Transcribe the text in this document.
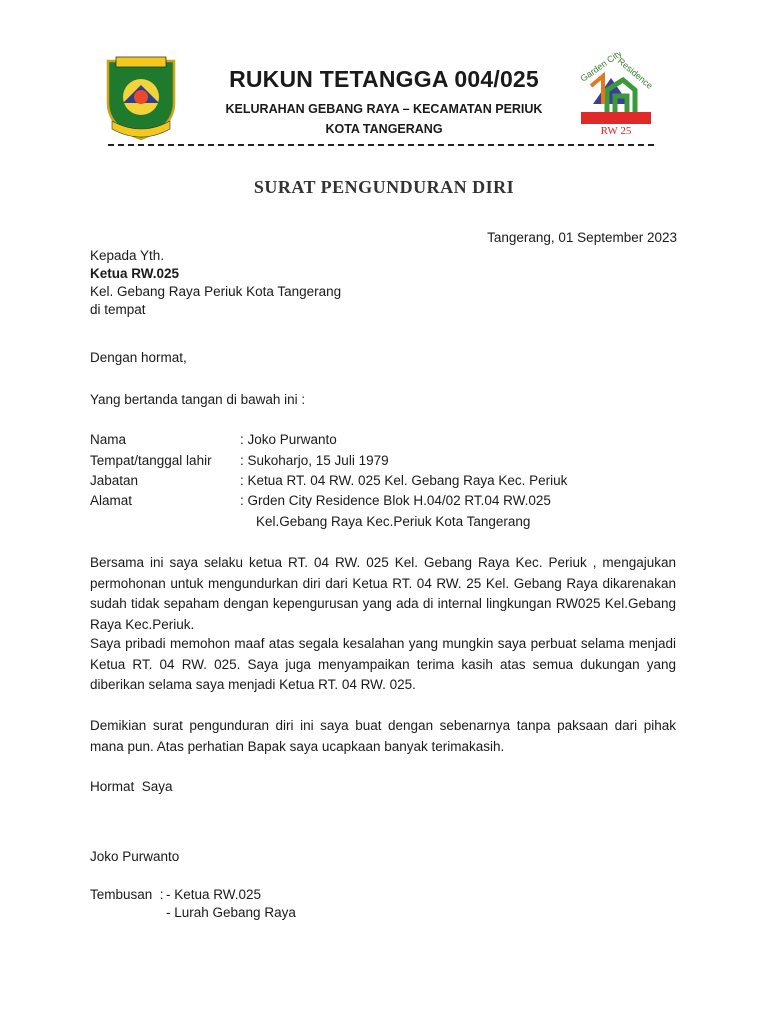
Garden City
Residence
RW 25
RUKUN TETANGGA 004/025
KELURAHAN GEBANG RAYA – KECAMATAN PERIUK
KOTA TANGERANG
SURAT PENGUNDURAN DIRI
Tangerang, 01 September 2023
Kepada Yth.
Ketua RW.025
Kel. Gebang Raya Periuk Kota Tangerang
di tempat
Dengan hormat,
Yang bertanda tangan di bawah ini :
Nama	: Joko Purwanto
Tempat/tanggal lahir : Sukoharjo, 15 Juli 1979
Jabatan	: Ketua RT. 04 RW. 025 Kel. Gebang Raya Kec. Periuk
Alamat	: Grden City Residence Blok H.04/02 RT.04 RW.025
Kel.Gebang Raya Kec.Periuk Kota Tangerang
Bersama ini saya selaku ketua RT. 04 RW. 025 Kel. Gebang Raya Kec. Periuk , mengajukan permohonan untuk mengundurkan diri dari Ketua RT. 04 RW. 25 Kel. Gebang Raya dikarenakan sudah tidak sepaham dengan kepengurusan yang ada di internal lingkungan RW025 Kel.Gebang Raya Kec.Periuk.
Saya pribadi memohon maaf atas segala kesalahan yang mungkin saya perbuat selama menjadi Ketua RT. 04 RW. 025. Saya juga menyampaikan terima kasih atas semua dukungan yang diberikan selama saya menjadi Ketua RT. 04 RW. 025.
Demikian surat pengunduran diri ini saya buat dengan sebenarnya tanpa paksaan dari pihak mana pun. Atas perhatian Bapak saya ucapkaan banyak terimakasih.
Hormat  Saya
Joko Purwanto
Tembusan  : - Ketua RW.025
- Lurah Gebang Raya
